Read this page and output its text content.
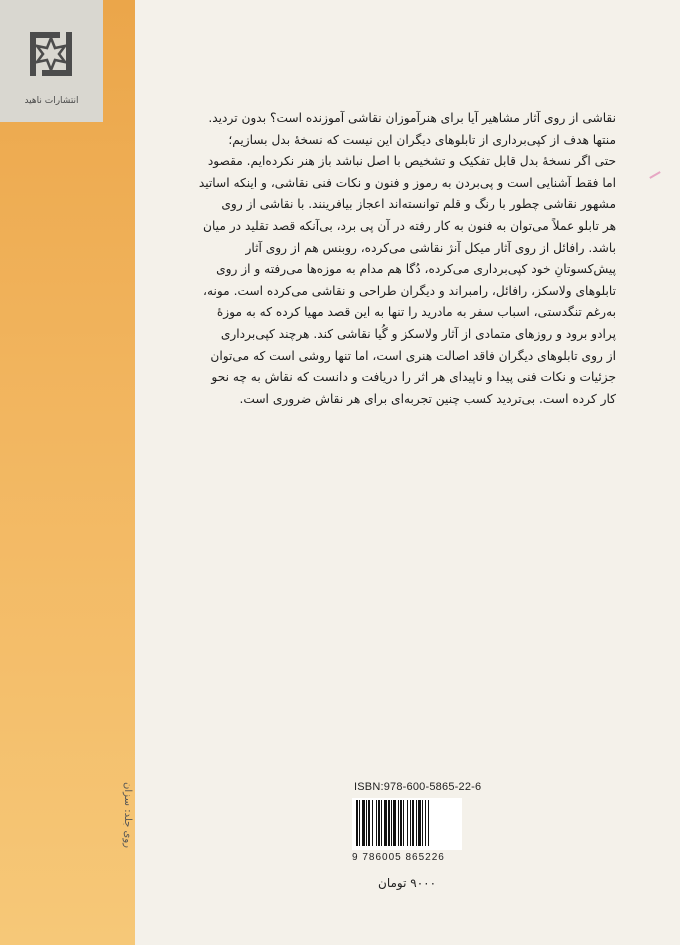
انتشارات ناهید
روی جلد: سزان

نقاشی از روی آثار مشاهیر آیا برای هنرآموزان نقاشی آموزنده است؟ بدون تردید.

منتها هدف از کپی‌برداری از تابلوهای دیگران این نیست که نسخهٔ بدل بسازیم؛

حتی اگر نسخهٔ بدل قابل تفکیک و تشخیص با اصل نباشد باز هنر نکرده‌ایم. مقصود

اما فقط آشنایی است و پی‌بردن به رموز و فنون و نکات فنی نقاشی، و اینکه اساتید

مشهور نقاشی چطور با رنگ و قلم توانسته‌اند اعجاز بیافرینند. با نقاشی از روی

هر تابلو عملاً می‌توان به فنون به کار رفته در آن پی برد، بی‌آنکه قصد تقلید در میان

باشد. رافائل از روی آثار میکل آنژ نقاشی می‌کرده، روبنس هم از روی آثار

پیش‌کسوتانِ خود کپی‌برداری می‌کرده، دُگا هم مدام به موزه‌ها می‌رفته و از روی

تابلوهای ولاسکز، رافائل، رامبراند و دیگران طراحی و نقاشی می‌کرده است. مونه،

به‌رغم تنگدستی، اسباب سفر به مادرید را تنها به این قصد مهیا کرده که به موزهٔ

پرادو برود و روزهای متمادی از آثار ولاسکز و گُیا نقاشی کند. هرچند کپی‌برداری

از روی تابلوهای دیگران فاقد اصالت هنری است، اما تنها روشی است که می‌توان

جزئیات و نکات فنی پیدا و ناپیدای هر اثر را دریافت و دانست که نقاش به چه نحو

کار کرده است. بی‌تردید کسب چنین تجربه‌ای برای هر نقاش ضروری است.

ISBN:978-600-5865-22-6
9 786005 865226
۹۰۰۰ تومان
